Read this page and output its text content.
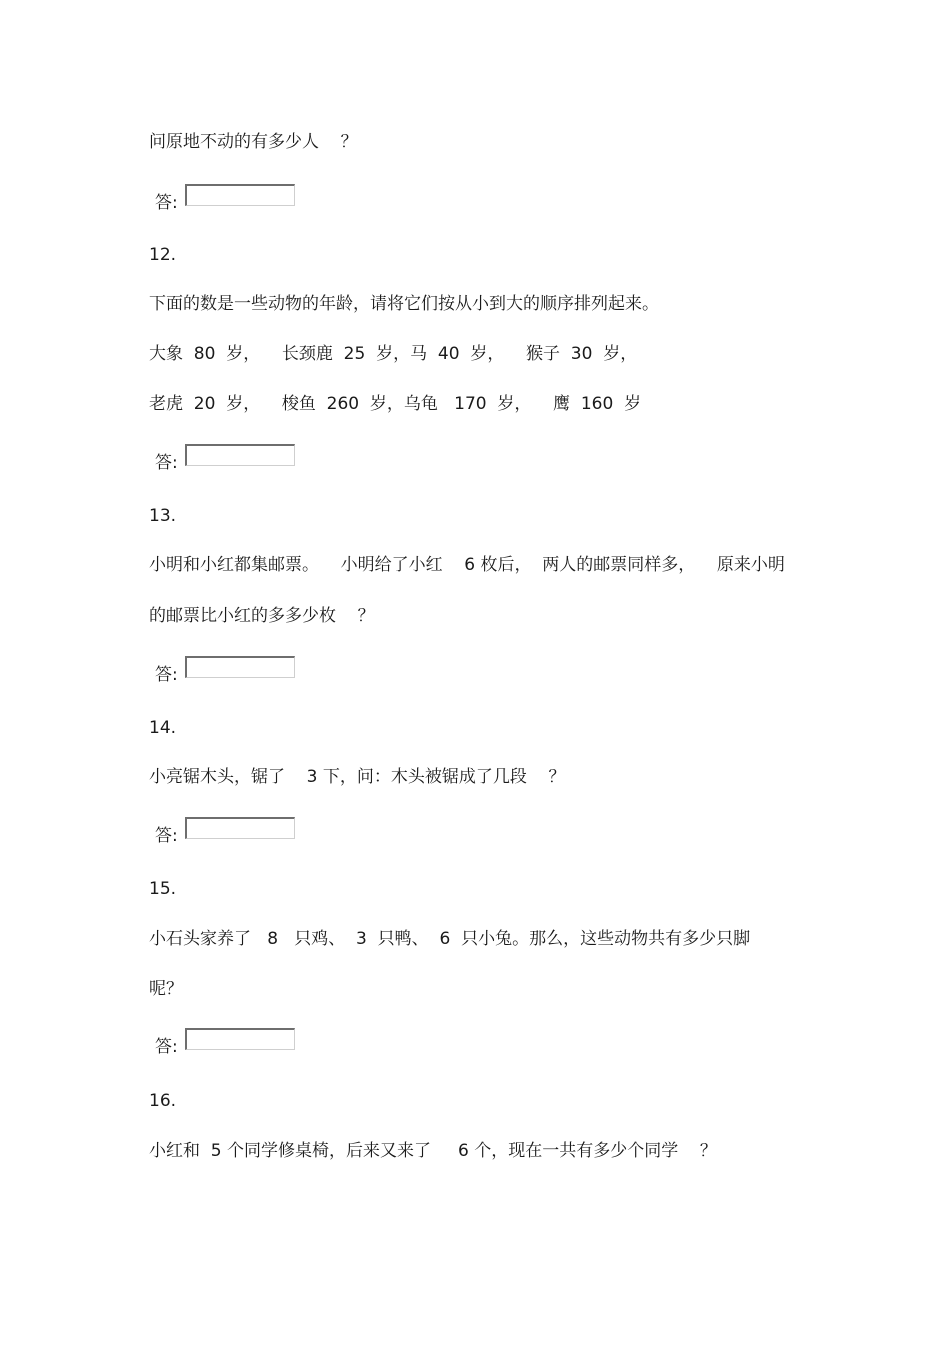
问原地不动的有多少人    ？
答:
12.
下面的数是一些动物的年龄，请将它们按从小到大的顺序排列起来。
大象  80  岁，    长颈鹿  25  岁，马  40  岁，    猴子  30  岁，
老虎  20  岁，    梭鱼  260  岁，乌龟   170  岁，    鹰  160  岁
答:
13.
小明和小红都集邮票。    小明给了小红    6 枚后，  两人的邮票同样多，    原来小明
的邮票比小红的多多少枚    ？
答:
14.
小亮锯木头，锯了    3 下，问：木头被锯成了几段    ？
答:
15.
小石头家养了   8   只鸡、  3  只鸭、  6  只小兔。那么，这些动物共有多少只脚
呢？
答:
16.
小红和  5 个同学修桌椅，后来又来了     6 个，现在一共有多少个同学    ？
